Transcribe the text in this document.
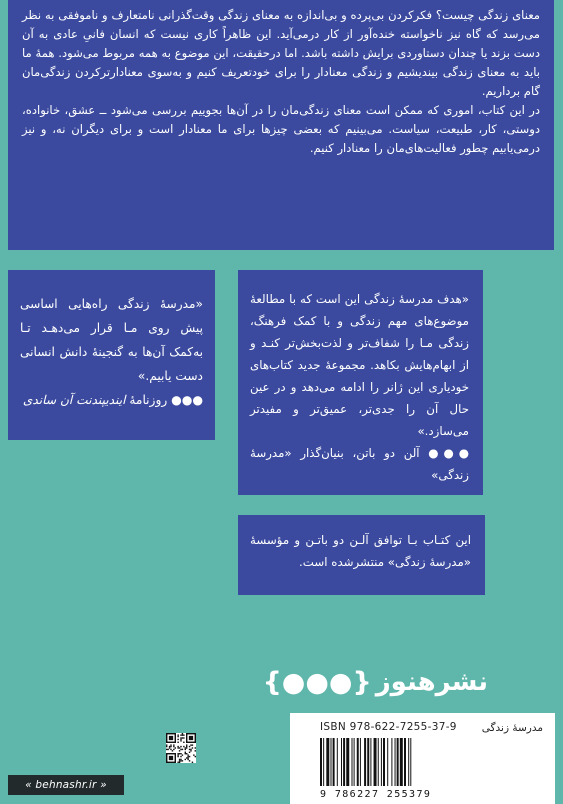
معنای زندگی چیست؟ فکرکردن بی‌پرده و بی‌اندازه به معنای زندگی وقت‌گذرانی نامتعارف و ناموفقی به نظر می‌رسد که گاه نیز ناخواسته خنده‌آور از کار درمی‌آید. این ظاهراً کاری نیست که انسان فانیِ عادی به آن دست بزند یا چندان دستاوردی برایش داشته باشد. اما درحقیقت، این موضوع به همه مربوط می‌شود. همهٔ ما باید به معنای زندگی بیندیشیم و زندگی معنادار را برای خودتعریف کنیم و به‌سوی معنادارترکردن زندگی‌مان گام برداریم.

در این کتاب، اموری که ممکن است معنای زندگی‌مان را در آن‌ها بجوییم بررسی می‌شود ــ عشق، خانواده، دوستی، کار، طبیعت، سیاست. می‌بینیم که بعضی چیزها برای ما معنادار است و برای دیگران نه، و نیز درمی‌یابیم چطور فعالیت‌های‌مان را معنادار کنیم.

«مدرسهٔ زندگی راه‌هایی اساسی پیش روی مـا قرار می‌دهـد تـا به‌کمک آن‌ها به گنجینهٔ دانش انسانی دست یابیم.»

●●● روزنامهٔ ایندیپندنت آن ساندی

«هدف مدرسهٔ زندگی این است که با مطالعهٔ موضوع‌های مهم زندگی و با کمک فرهنگ، زندگی مـا را شفاف‌تر و لذت‌بخش‌تر کنـد و از ابهام‌هایش بکاهد. مجموعهٔ جدید کتاب‌های خودیاری این ژانر را ادامه می‌دهد و در عین حال آن را جدی‌تر، عمیق‌تر و مفیدتر می‌سازد.»

●●● آلن دو باتن، بنیان‌گذار «مدرسهٔ زندگی»

این کتـاب بـا توافق آلـن دو باتـن و مؤسسهٔ «مدرسهٔ زندگی» منتشرشده است.

نشرهنوز
{●●●}
مدرسهٔ زندگی
ISBN 978-622-7255-37-9
9 786227 255379
« behnashr.ir »
